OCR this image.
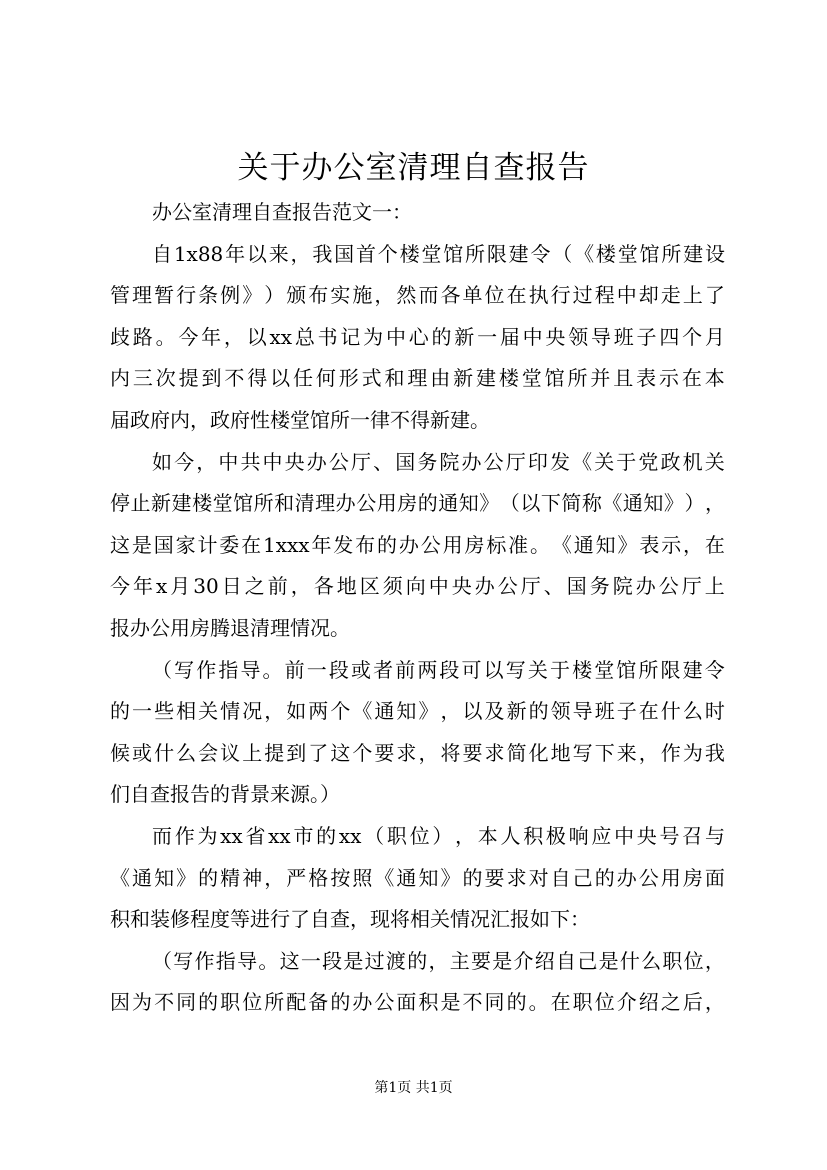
关于办公室清理自查报告
办公室清理自查报告范文一：
自 1x88 年 以 来 ， 我 国 首 个 楼 堂 馆 所 限 建 令 （ 《 楼 堂 馆 所 建 设
管 理 暂 行 条 例 》 ） 颁 布 实 施 ， 然 而 各 单 位 在 执 行 过 程 中 却 走 上 了
歧 路 。 今 年 ， 以 xx 总 书 记 为 中 心 的 新 一 届 中 央 领 导 班 子 四 个 月
内 三 次 提 到 不 得 以 任 何 形 式 和 理 由 新 建 楼 堂 馆 所 并 且 表 示 在 本
届政府内，政府性楼堂馆所一律不得新建。
如 今 ， 中 共 中 央 办 公 厅 、 国 务 院 办 公 厅 印 发 《 关 于 党 政 机 关
停 止 新 建 楼 堂 馆 所 和 清 理 办 公 用 房 的 通 知 》 （ 以 下 简 称 《 通 知 》 ） ，
这 是 国 家 计 委 在 1xxx 年 发 布 的 办 公 用 房 标 准 。 《 通 知 》 表 示 ， 在
今 年 x 月 30 日 之 前 ， 各 地 区 须 向 中 央 办 公 厅 、 国 务 院 办 公 厅 上
报办公用房腾退清理情况。
（ 写 作 指 导 。 前 一 段 或 者 前 两 段 可 以 写 关 于 楼 堂 馆 所 限 建 令
的 一 些 相 关 情 况 ， 如 两 个 《 通 知 》 ， 以 及 新 的 领 导 班 子 在 什 么 时
候 或 什 么 会 议 上 提 到 了 这 个 要 求 ， 将 要 求 简 化 地 写 下 来 ， 作 为 我
们自查报告的背景来源。）
而 作 为 xx 省 xx 市 的 xx （ 职 位 ） ， 本 人 积 极 响 应 中 央 号 召 与
《 通 知 》 的 精 神 ， 严 格 按 照 《 通 知 》 的 要 求 对 自 己 的 办 公 用 房 面
积和装修程度等进行了自查，现将相关情况汇报如下：
（ 写 作 指 导 。 这 一 段 是 过 渡 的 ， 主 要 是 介 绍 自 己 是 什 么 职 位 ，
因 为 不 同 的 职 位 所 配 备 的 办 公 面 积 是 不 同 的 。 在 职 位 介 绍 之 后 ，
第1页 共1页
